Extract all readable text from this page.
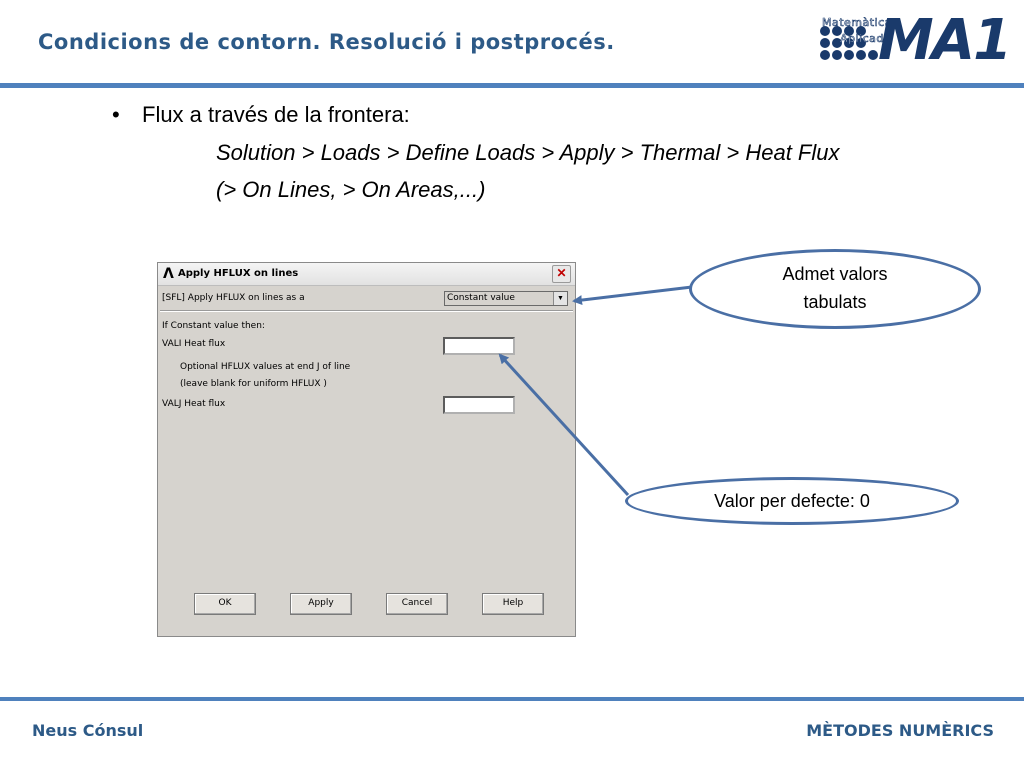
Condicions de contorn. Resolució i postprocés.
Matemàtica
Aplicada
MA1
• Flux a través de la frontera:
Solution > Loads > Define Loads > Apply > Thermal > Heat Flux
(> On Lines, > On Areas,...)
Λ Apply HFLUX on lines	✕
[SFL] Apply HFLUX on lines as a	Constant value	▼
If Constant value then:
VALI Heat flux
Optional HFLUX values at end J of line
(leave blank for uniform HFLUX )
VALJ Heat flux
OK	Apply	Cancel	Help
Admet valors
tabulats
Valor per defecte: 0
Neus Cónsul	MÈTODES NUMÈRICS
